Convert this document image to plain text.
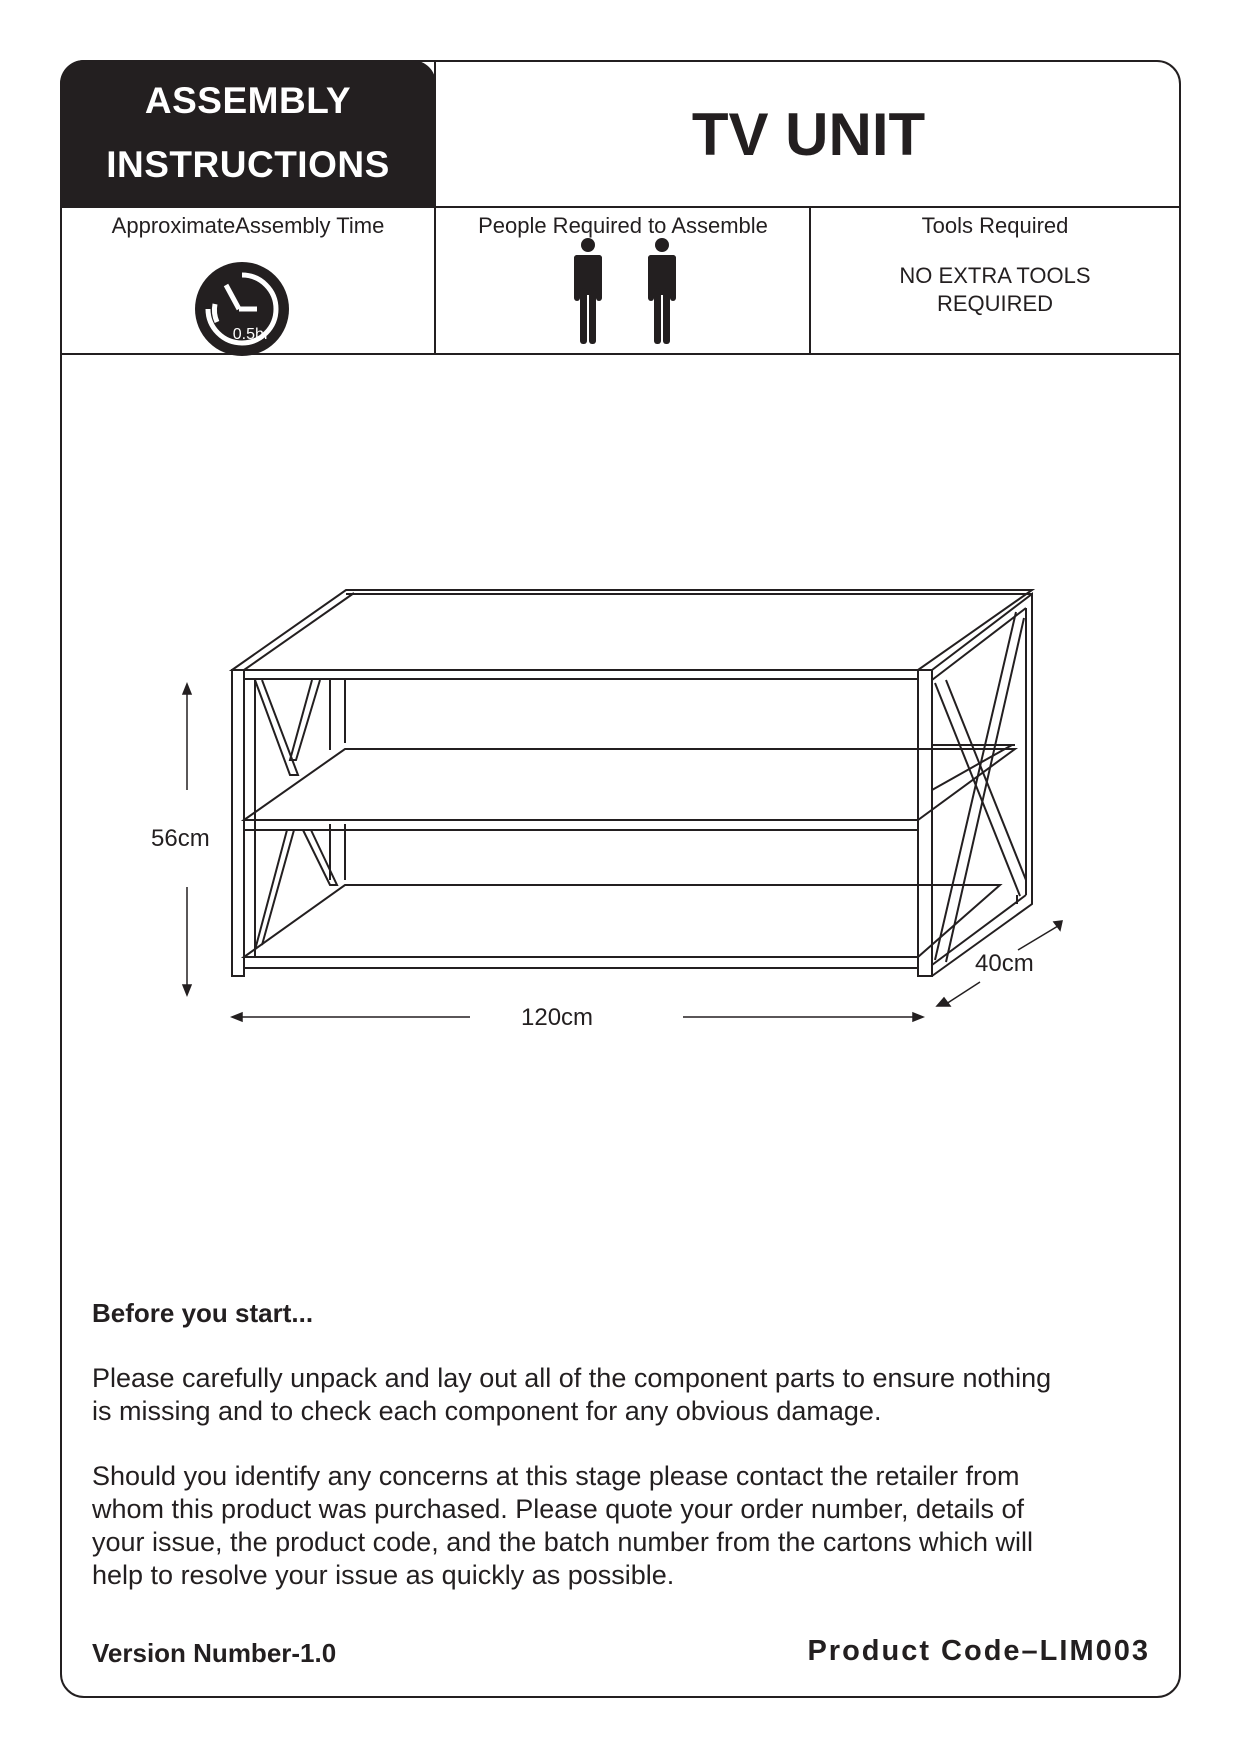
ASSEMBLY
INSTRUCTIONS	TV UNIT
ApproximateAssembly Time
0.5hr
People Required to Assemble	Tools Required
NO EXTRA TOOLS
REQUIRED
56cm
120cm
40cm
Before you start...
Please carefully unpack and lay out all of the component parts to ensure nothing
is missing and to check each component for any obvious damage.
Should you identify any concerns at this stage please contact the retailer from
whom this product was purchased. Please quote your order number, details of
your issue, the product code, and the batch number from the cartons which will
help to resolve your issue as quickly as possible.
Version Number-1.0	Product Code–LIM003
